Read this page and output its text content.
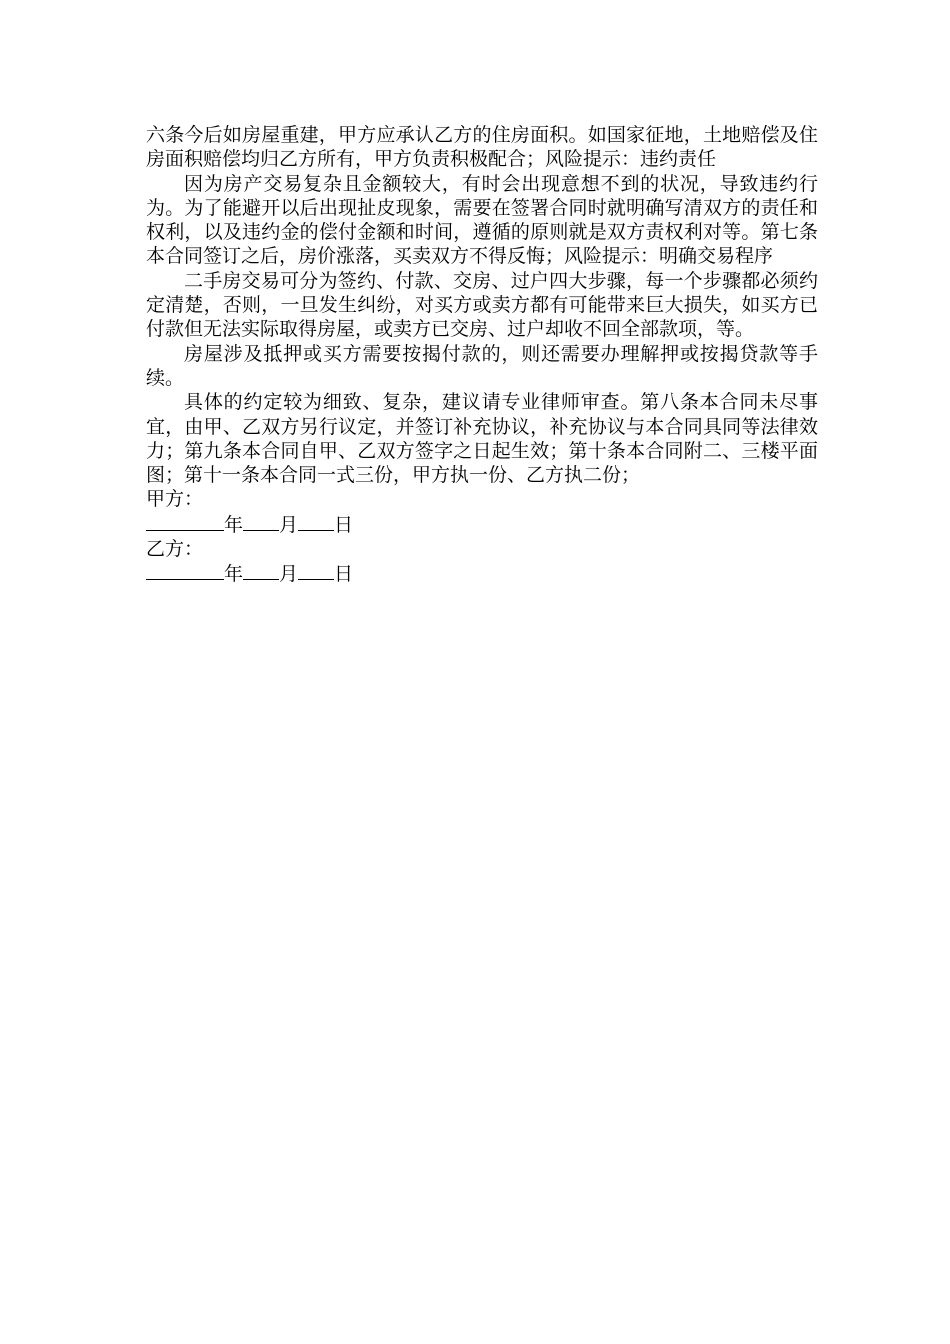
六条今后如房屋重建，甲方应承认乙方的住房面积。如国家征地，土地赔偿及住房面积赔偿均归乙方所有，甲方负责积极配合；风险提示：违约责任

因为房产交易复杂且金额较大，有时会出现意想不到的状况，导致违约行为。为了能避开以后出现扯皮现象，需要在签署合同时就明确写清双方的责任和权利，以及违约金的偿付金额和时间，遵循的原则就是双方责权利对等。第七条本合同签订之后，房价涨落，买卖双方不得反悔；风险提示：明确交易程序

二手房交易可分为签约、付款、交房、过户四大步骤，每一个步骤都必须约定清楚，否则，一旦发生纠纷，对买方或卖方都有可能带来巨大损失，如买方已付款但无法实际取得房屋，或卖方已交房、过户却收不回全部款项，等。

房屋涉及抵押或买方需要按揭付款的，则还需要办理解押或按揭贷款等手续。

具体的约定较为细致、复杂，建议请专业律师审查。第八条本合同未尽事宜，由甲、乙双方另行议定，并签订补充协议，补充协议与本合同具同等法律效力；第九条本合同自甲、乙双方签字之日起生效；第十条本合同附二、三楼平面图；第十一条本合同一式三份，甲方执一份、乙方执二份；

甲方：

年 月 日

乙方：

年 月 日
